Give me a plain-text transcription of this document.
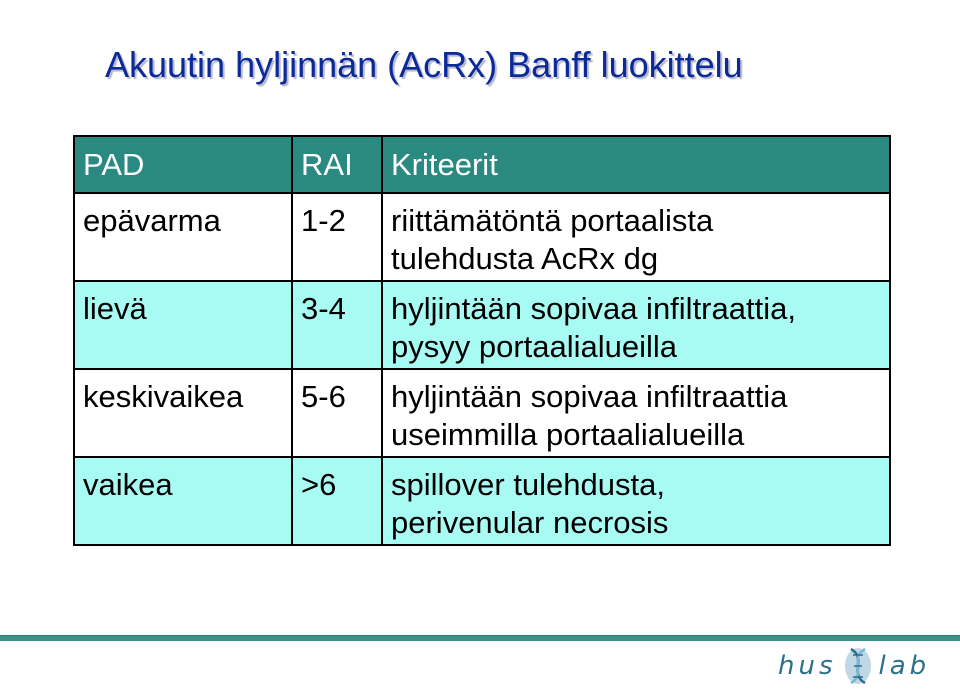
Akuutin hyljinnän (AcRx) Banff luokittelu
PAD	RAI	Kriteerit
epävarma	1-2	riittämätöntä portaalista
tulehdusta AcRx dg

lievä	3-4	hyljintään sopivaa infiltraattia,
pysyy portaalialueilla

keskivaikea	5-6	hyljintään sopivaa infiltraattia
useimmilla portaalialueilla

vaikea	>6	spillover tulehdusta,
perivenular necrosis
hus lab
